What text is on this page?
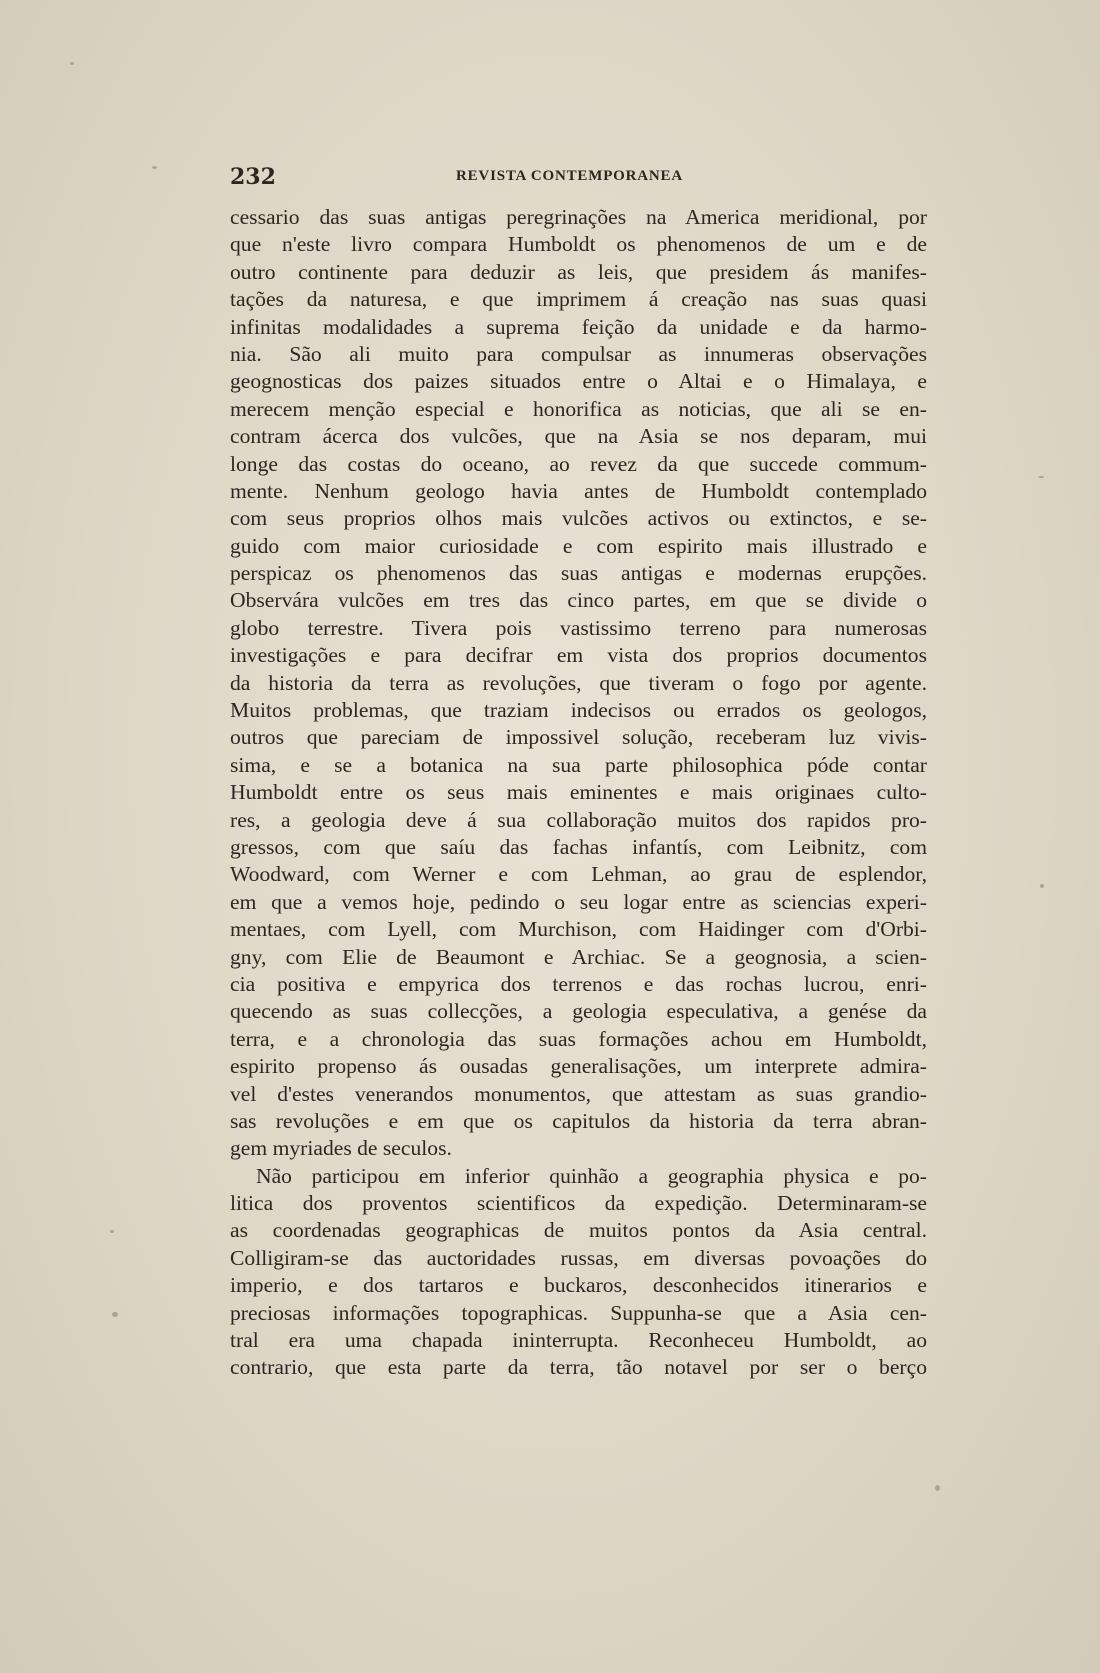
232	REVISTA CONTEMPORANEA
cessario das suas antigas peregrinações na America meridional, por
que n'este livro compara Humboldt os phenomenos de um e de
outro continente para deduzir as leis, que presidem ás manifes-
tações da naturesa, e que imprimem á creação nas suas quasi
infinitas modalidades a suprema feição da unidade e da harmo-
nia. São ali muito para compulsar as innumeras observações
geognosticas dos paizes situados entre o Altai e o Himalaya, e
merecem menção especial e honorifica as noticias, que ali se en-
contram ácerca dos vulcões, que na Asia se nos deparam, mui
longe das costas do oceano, ao revez da que succede commum-
mente. Nenhum geologo havia antes de Humboldt contemplado
com seus proprios olhos mais vulcões activos ou extinctos, e se-
guido com maior curiosidade e com espirito mais illustrado e
perspicaz os phenomenos das suas antigas e modernas erupções.
Observára vulcões em tres das cinco partes, em que se divide o
globo terrestre. Tivera pois vastissimo terreno para numerosas
investigações e para decifrar em vista dos proprios documentos
da historia da terra as revoluções, que tiveram o fogo por agente.
Muitos problemas, que traziam indecisos ou errados os geologos,
outros que pareciam de impossivel solução, receberam luz vivis-
sima, e se a botanica na sua parte philosophica póde contar
Humboldt entre os seus mais eminentes e mais originaes culto-
res, a geologia deve á sua collaboração muitos dos rapidos pro-
gressos, com que saíu das fachas infantís, com Leibnitz, com
Woodward, com Werner e com Lehman, ao grau de esplendor,
em que a vemos hoje, pedindo o seu logar entre as sciencias experi-
mentaes, com Lyell, com Murchison, com Haidinger com d'Orbi-
gny, com Elie de Beaumont e Archiac. Se a geognosia, a scien-
cia positiva e empyrica dos terrenos e das rochas lucrou, enri-
quecendo as suas collecções, a geologia especulativa, a genése da
terra, e a chronologia das suas formações achou em Humboldt,
espirito propenso ás ousadas generalisações, um interprete admira-
vel d'estes venerandos monumentos, que attestam as suas grandio-
sas revoluções e em que os capitulos da historia da terra abran-
gem myriades de seculos.
Não participou em inferior quinhão a geographia physica e po-
litica dos proventos scientificos da expedição. Determinaram-se
as coordenadas geographicas de muitos pontos da Asia central.
Colligiram-se das auctoridades russas, em diversas povoações do
imperio, e dos tartaros e buckaros, desconhecidos itinerarios e
preciosas informações topographicas. Suppunha-se que a Asia cen-
tral era uma chapada ininterrupta. Reconheceu Humboldt, ao
contrario, que esta parte da terra, tão notavel por ser o berço
